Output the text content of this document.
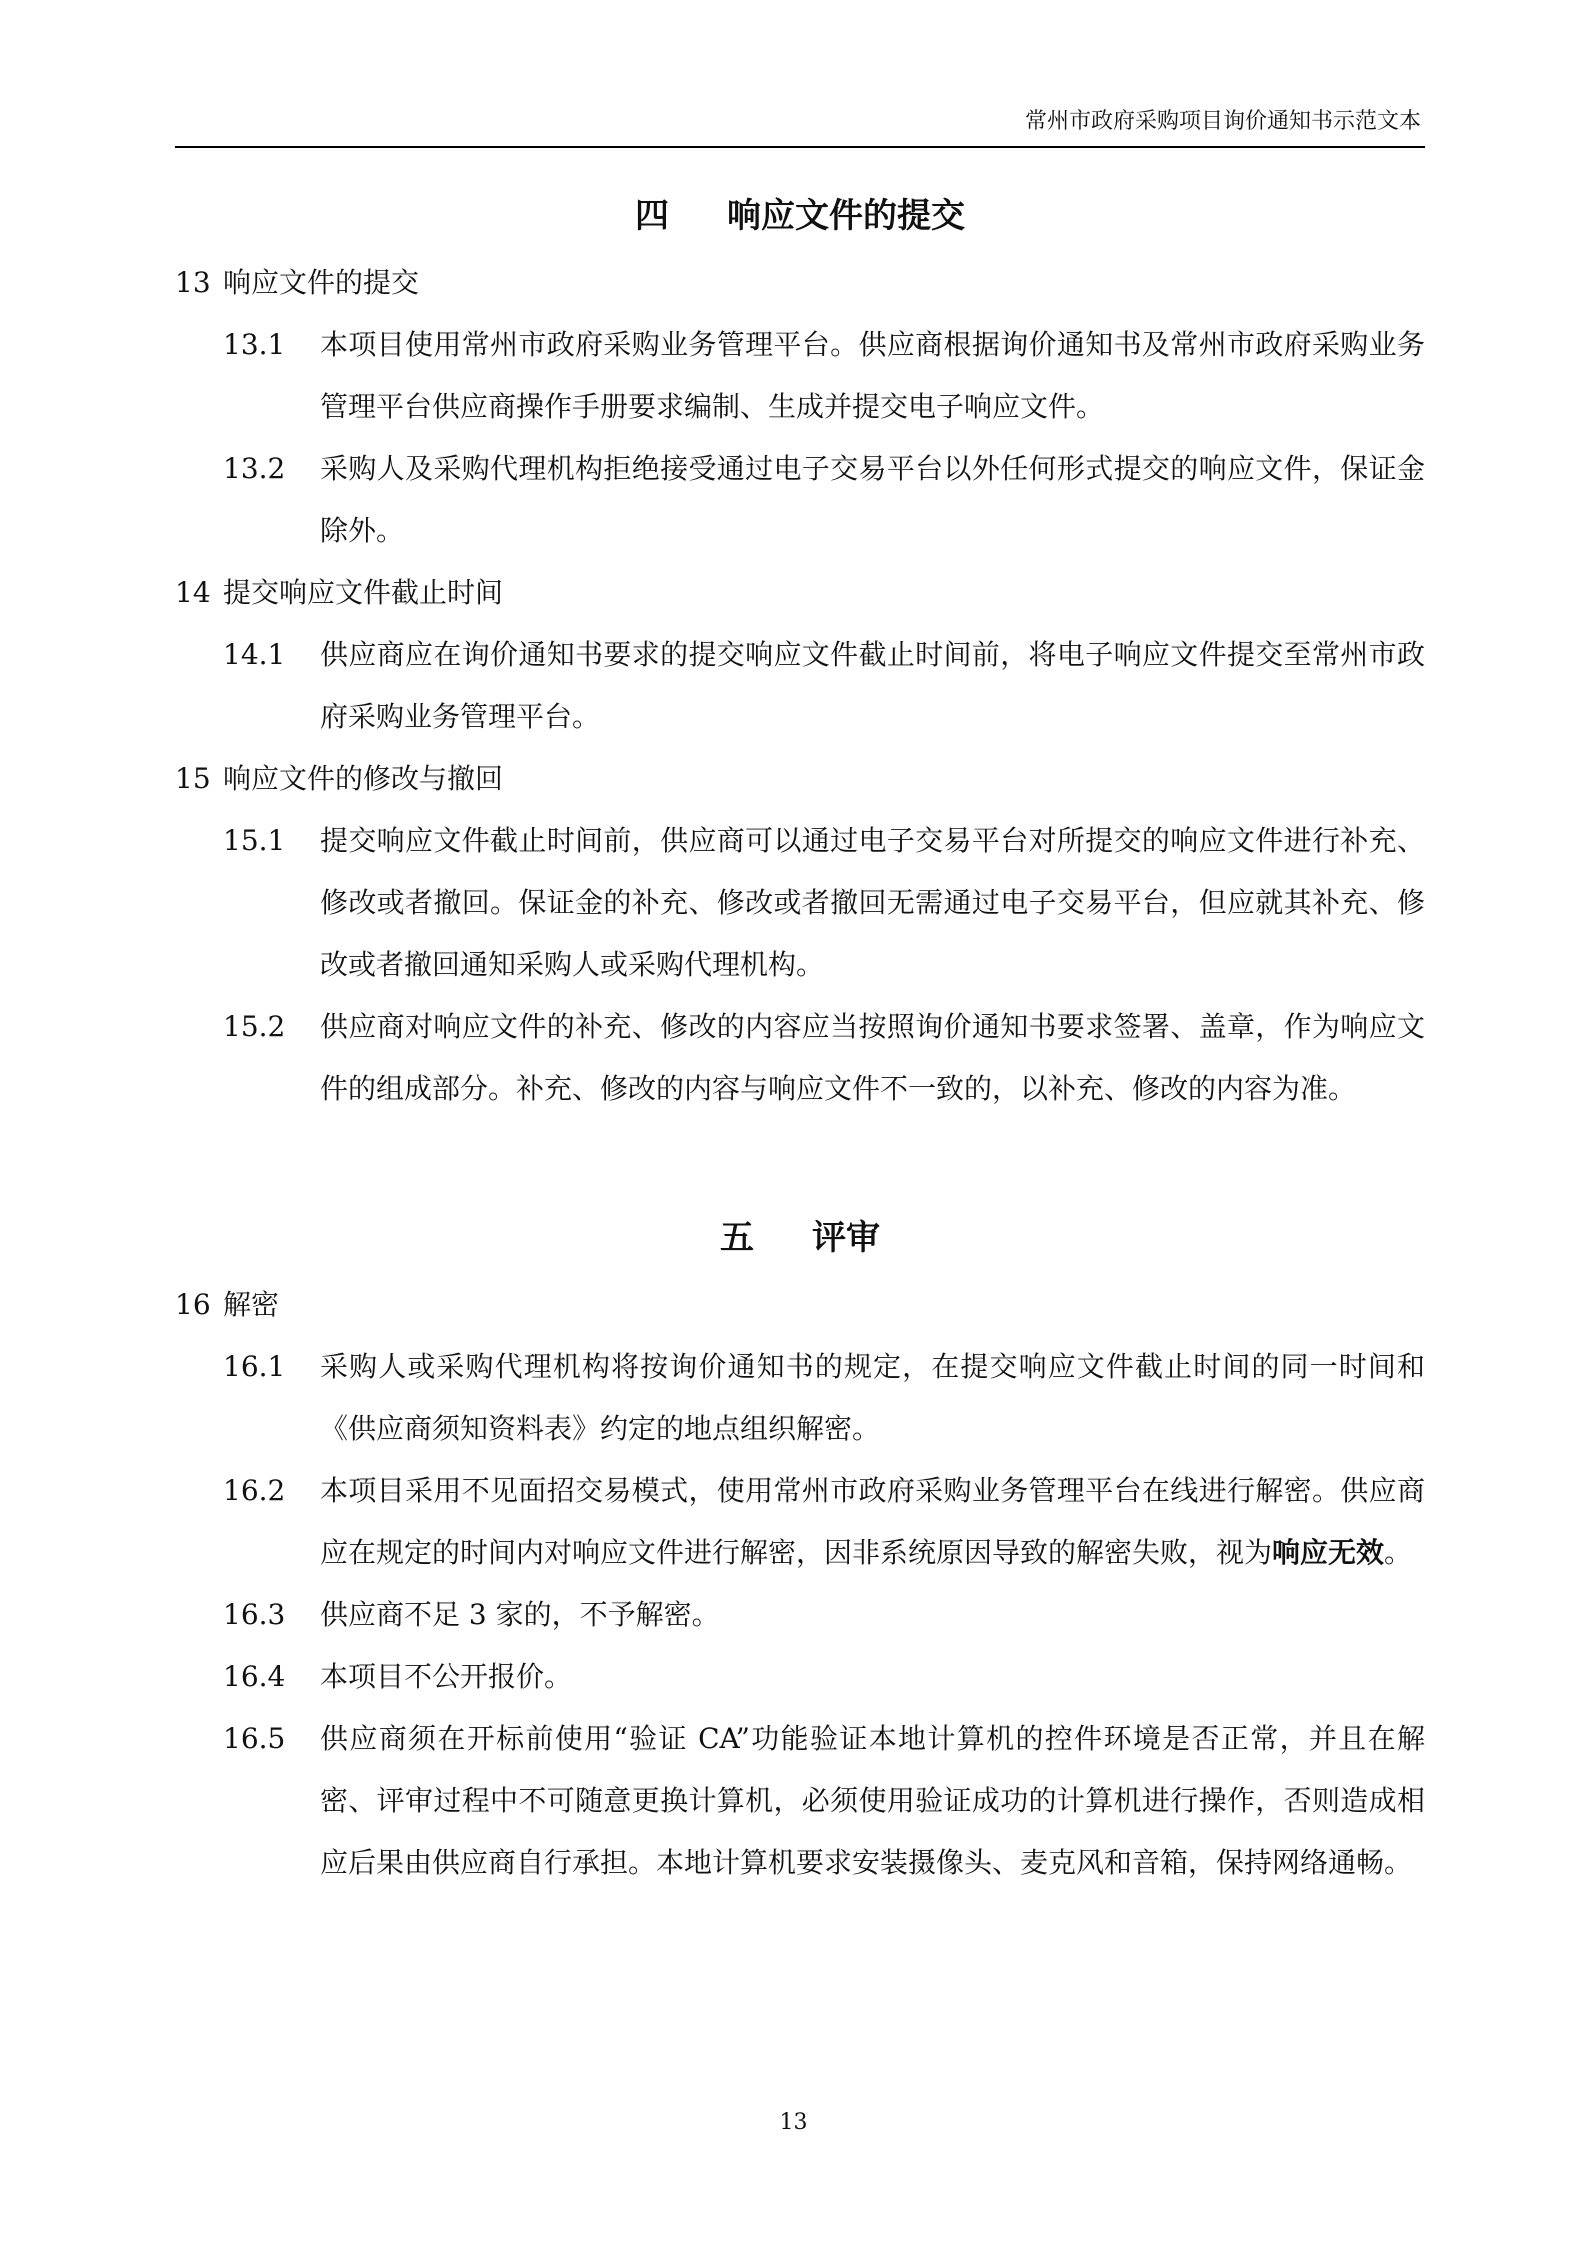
常州市政府采购项目询价通知书示范文本
四 响应文件的提交

13 响应文件的提交

13.1	本项目使用常州市政府采购业务管理平台。供应商根据询价通知书及常州市政府采购业务管理平台供应商操作手册要求编制、生成并提交电子响应文件。

13.2	采购人及采购代理机构拒绝接受通过电子交易平台以外任何形式提交的响应文件，保证金除外。

14 提交响应文件截止时间

14.1	供应商应在询价通知书要求的提交响应文件截止时间前，将电子响应文件提交至常州市政府采购业务管理平台。

15 响应文件的修改与撤回

15.1	提交响应文件截止时间前，供应商可以通过电子交易平台对所提交的响应文件进行补充、修改或者撤回。保证金的补充、修改或者撤回无需通过电子交易平台，但应就其补充、修改或者撤回通知采购人或采购代理机构。

15.2	供应商对响应文件的补充、修改的内容应当按照询价通知书要求签署、盖章，作为响应文件的组成部分。补充、修改的内容与响应文件不一致的，以补充、修改的内容为准。

五 评审

16 解密

16.1	采购人或采购代理机构将按询价通知书的规定，在提交响应文件截止时间的同一时间和《供应商须知资料表》约定的地点组织解密。

16.2	本项目采用不见面招交易模式，使用常州市政府采购业务管理平台在线进行解密。供应商应在规定的时间内对响应文件进行解密，因非系统原因导致的解密失败，视为响应无效。

16.3	供应商不足 3 家的，不予解密。

16.4	本项目不公开报价。

16.5	供应商须在开标前使用“验证 CA”功能验证本地计算机的控件环境是否正常，并且在解密、评审过程中不可随意更换计算机，必须使用验证成功的计算机进行操作，否则造成相应后果由供应商自行承担。本地计算机要求安装摄像头、麦克风和音箱，保持网络通畅。

13
